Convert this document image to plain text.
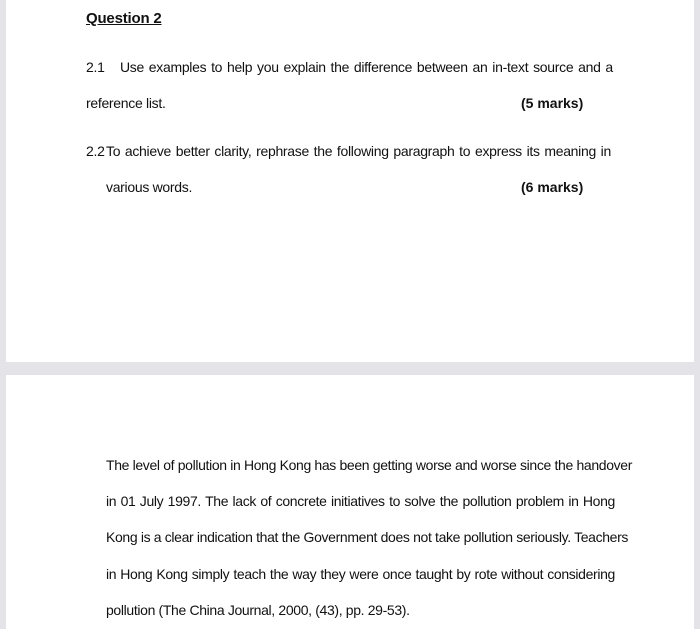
Question 2
2.1 Use examples to help you explain the difference between an in-text source and a
reference list.	(5 marks)
2.2To achieve better clarity, rephrase the following paragraph to express its meaning in
various words.	(6 marks)
The level of pollution in Hong Kong has been getting worse and worse since the handover
in 01 July 1997. The lack of concrete initiatives to solve the pollution problem in Hong
Kong is a clear indication that the Government does not take pollution seriously. Teachers
in Hong Kong simply teach the way they were once taught by rote without considering
pollution (The China Journal, 2000, (43), pp. 29-53).
